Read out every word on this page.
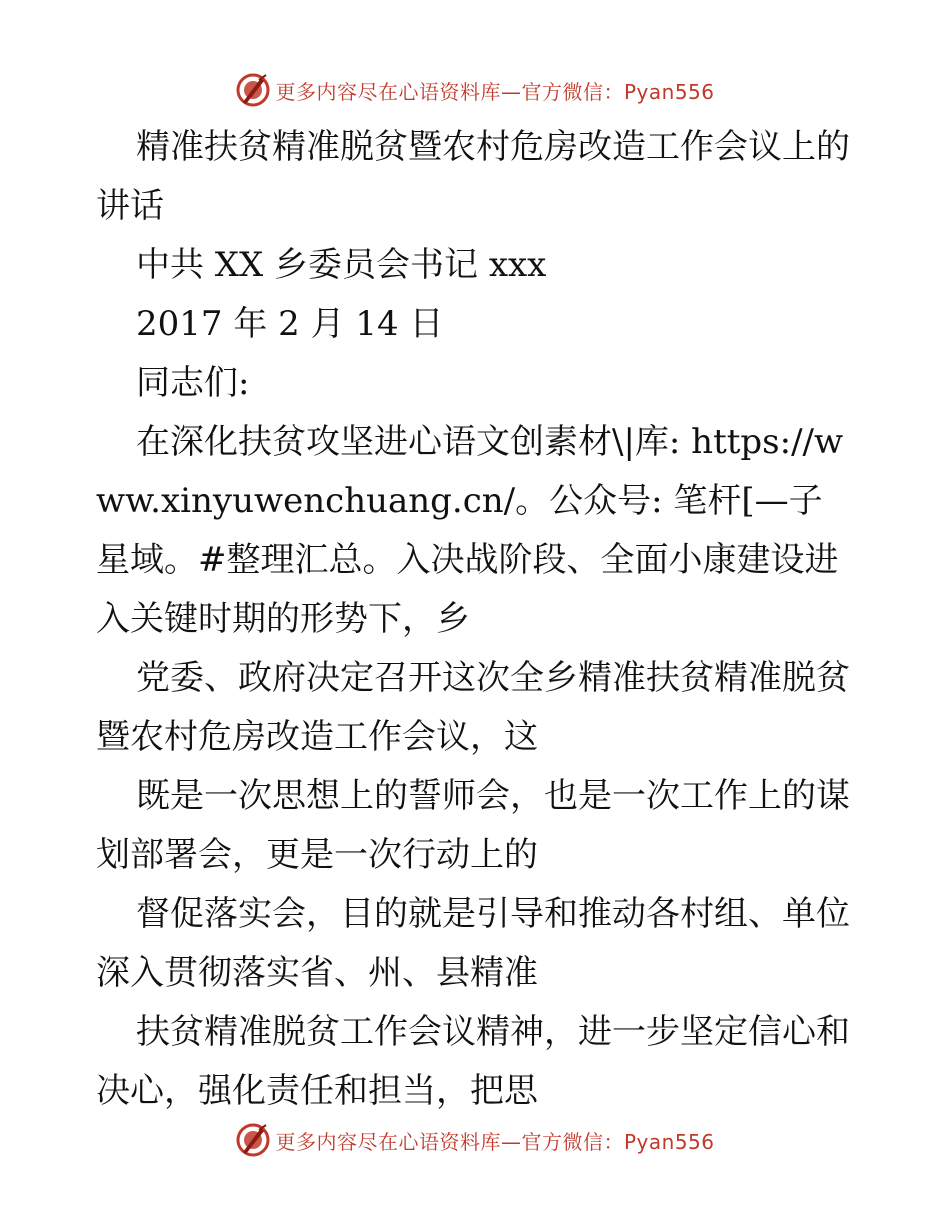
更多内容尽在心语资料库—官方微信：Pyan556

精准扶贫精准脱贫暨农村危房改造工作会议上的讲话

中共 XX 乡委员会书记 xxx

2017 年 2 月 14 日

同志们:

在深化扶贫攻坚进心语文创素材\|库: https://www.xinyuwenchuang.cn/。公众号: 笔杆[—子星域。#整理汇总。入决战阶段、全面小康建设进入关键时期的形势下，乡

党委、政府决定召开这次全乡精准扶贫精准脱贫暨农村危房改造工作会议，这

既是一次思想上的誓师会，也是一次工作上的谋划部署会，更是一次行动上的

督促落实会，目的就是引导和推动各村组、单位深入贯彻落实省、州、县精准

扶贫精准脱贫工作会议精神，进一步坚定信心和决心，强化责任和担当，把思

更多内容尽在心语资料库—官方微信：Pyan556
